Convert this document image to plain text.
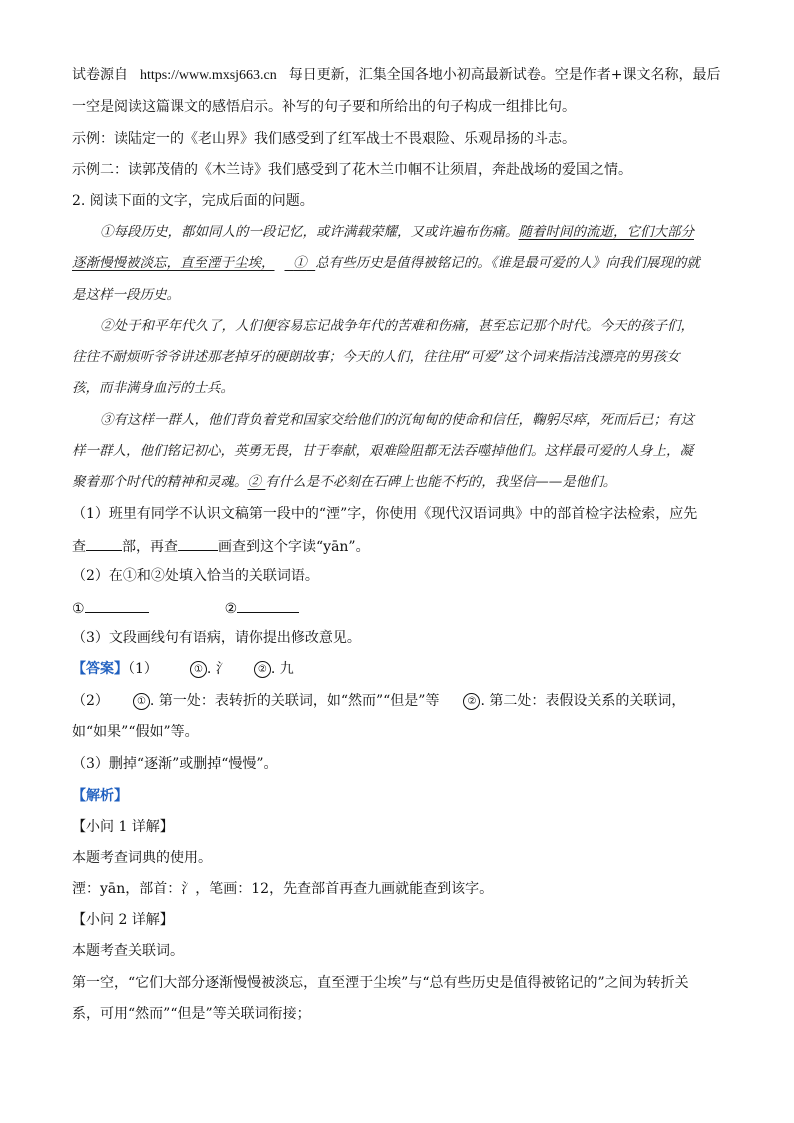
试卷源自 https://www.mxsj663.cn 每日更新，汇集全国各地小初高最新试卷。空是作者+课文名称，最后
一空是阅读这篇课文的感悟启示。补写的句子要和所给出的句子构成一组排比句。
示例：读陆定一的《老山界》我们感受到了红军战士不畏艰险、乐观昂扬的斗志。
示例二：读郭茂倩的《木兰诗》我们感受到了花木兰巾帼不让须眉，奔赴战场的爱国之情。
2. 阅读下面的文字，完成后面的问题。
①每段历史，都如同人的一段记忆，或许满载荣耀，又或许遍布伤痛。随着时间的流逝，它们大部分
逐渐慢慢被淡忘，直至湮于尘埃， ① 总有些历史是值得被铭记的。《谁是最可爱的人》向我们展现的就
是这样一段历史。
②处于和平年代久了，人们便容易忘记战争年代的苦难和伤痛，甚至忘记那个时代。今天的孩子们，
往往不耐烦听爷爷讲述那老掉牙的硬朗故事；今天的人们，往往用“可爱”这个词来指洁浅漂亮的男孩女
孩，而非满身血污的士兵。
③有这样一群人，他们背负着党和国家交给他们的沉甸甸的使命和信任，鞠躬尽瘁，死而后已；有这
样一群人，他们铭记初心，英勇无畏，甘于奉献，艰难险阻都无法吞噬掉他们。这样最可爱的人身上，凝
聚着那个时代的精神和灵魂。② 有什么是不必刻在石碑上也能不朽的，我坚信——是他们。
（1）班里有同学不认识文稿第一段中的“湮”字，你使用《现代汉语词典》中的部首检字法检索，应先
查	部，再查	画查到这个字读“yān”。
（2）在①和②处填入恰当的关联词语。
①	②
（3）文段画线句有语病，请你提出修改意见。
【答案】（1）	① . 氵	② . 九
（2）	① . 第一处：表转折的关联词，如“然而”“但是”等	② . 第二处：表假设关系的关联词，
如“如果”“假如”等。
（3）删掉“逐渐”或删掉“慢慢”。
【解析】
【小问 1 详解】
本题考查词典的使用。
湮：yān，部首：氵，笔画：12，先查部首再查九画就能查到该字。
【小问 2 详解】
本题考查关联词。
第一空，“它们大部分逐渐慢慢被淡忘，直至湮于尘埃”与“总有些历史是值得被铭记的”之间为转折关
系，可用“然而”“但是”等关联词衔接；
